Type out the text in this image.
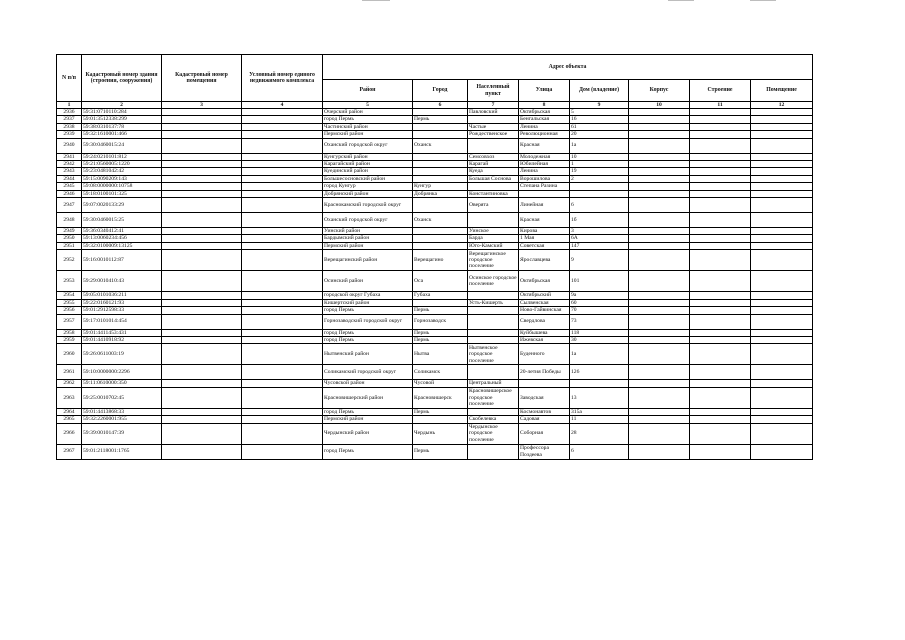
N п/п	Кадастровый номер здания (строения, сооружения)	Кадастровый номер помещения	Условный номер единого недвижимого комплекса	Адрес объекта							
				Район	Город	Населенный пункт	Улица	Дом (владение)	Корпус	Строение	Помещение
1	2	3	4	5	6	7	8	9	10	11	12
2936	59:31:0710110:284			Очерский район		Павловский	Октябрьская	5			
2937	59:01:3512338:299			город Пермь	Пермь		Бенгальская	16			
2938	59:38:0310137:78			Частинский район		Частые	Ленина	61			
2939	59:32:1610001:466			Пермский район		Рождественское	Революционная	20			
2940	59:30:0460015:24			Оханский городской округ	Оханск		Красная	1а			
2941	59:24:0210101:812			Кунгурский район		Семсовхоз	Молодежная	10			
2942	59:21:0560005:1220			Карагайский район		Карагай	Юбилейная	1			
2943	59:23:0481042:42			Куединский район		Куеда	Ленина	19			
2944	59:15:0090209:143			Большесосновский район		Большая Соснова	Ворошилова	2			
2945	59:08:0000000:10758			город Кунгур	Кунгур		Степана Разина				
2946	59:18:0100101:325			Добрянский район	Добрянка	Константиновка					
2947	59:07:0020133:29			Краснокамский городской округ		Оверята	Линейная	6			
2948	59:30:0460015:25			Оханский городской округ	Оханск		Красная	1б			
2949	59:36:0340412:41			Уинский район		Уинское	Кирова	3			
2950	59:13:0060234:456			Бардымский район		Барда	1 Мая	6А			
2951	59:32:0100009:13125			Пермский район		Юго-Камский	Советская	147			
2952	59:16:0010112:87			Верещагинский район	Верещагино	Верещагинское городское поселение	Ярославцева	9			
2953	59:29:0010410:43			Осинский район	Оса	Осинское городское поселение	Октябрьская	101			
2954	59:05:0101036:211			городской округ Губаха	Губаха		Октябрьский	9а			
2955	59:22:0160121:93			Кишертский район		Усть-Кишерть	Сылвенская	60			
2956	59:01:2912598:33			город Пермь	Пермь		Ново-Гайвинская	70			
2957	59:17:0101014:454			Горнозаводский городской округ	Горнозаводск		Свердлова	73			
2958	59:01:4411453:431			город Пермь	Пермь		Куйбышева	118			
2959	59:01:4410918:92			город Пермь	Пермь		Ижевская	30			
2960	59:26:0611003:19			Нытвенский район	Нытва	Нытвенское городское поселение	Буденного	1а			
2961	59:10:0000000:2296			Соликамский городской округ	Соликамск		20-летия Победы	126			
2962	59:11:0610000:350			Чусовской район	Чусовой	Центральный					
2963	59:25:0010702:45			Красновишерский район	Красновишерск	Красновишерское городское поселение	Заводская	13			
2964	59:01:4413868:33			город Пермь	Пермь		Космонавтов	315а			
2965	59:32:2260001:955			Пермский район		Скобелевка	Садовая	11			
2966	59:39:0010147:39			Чердынский район	Чердынь	Чердынское городское поселение	Соборная	28			
2967	59:01:2118001:1765			город Пермь	Пермь		Профессора Поздеева	6			
